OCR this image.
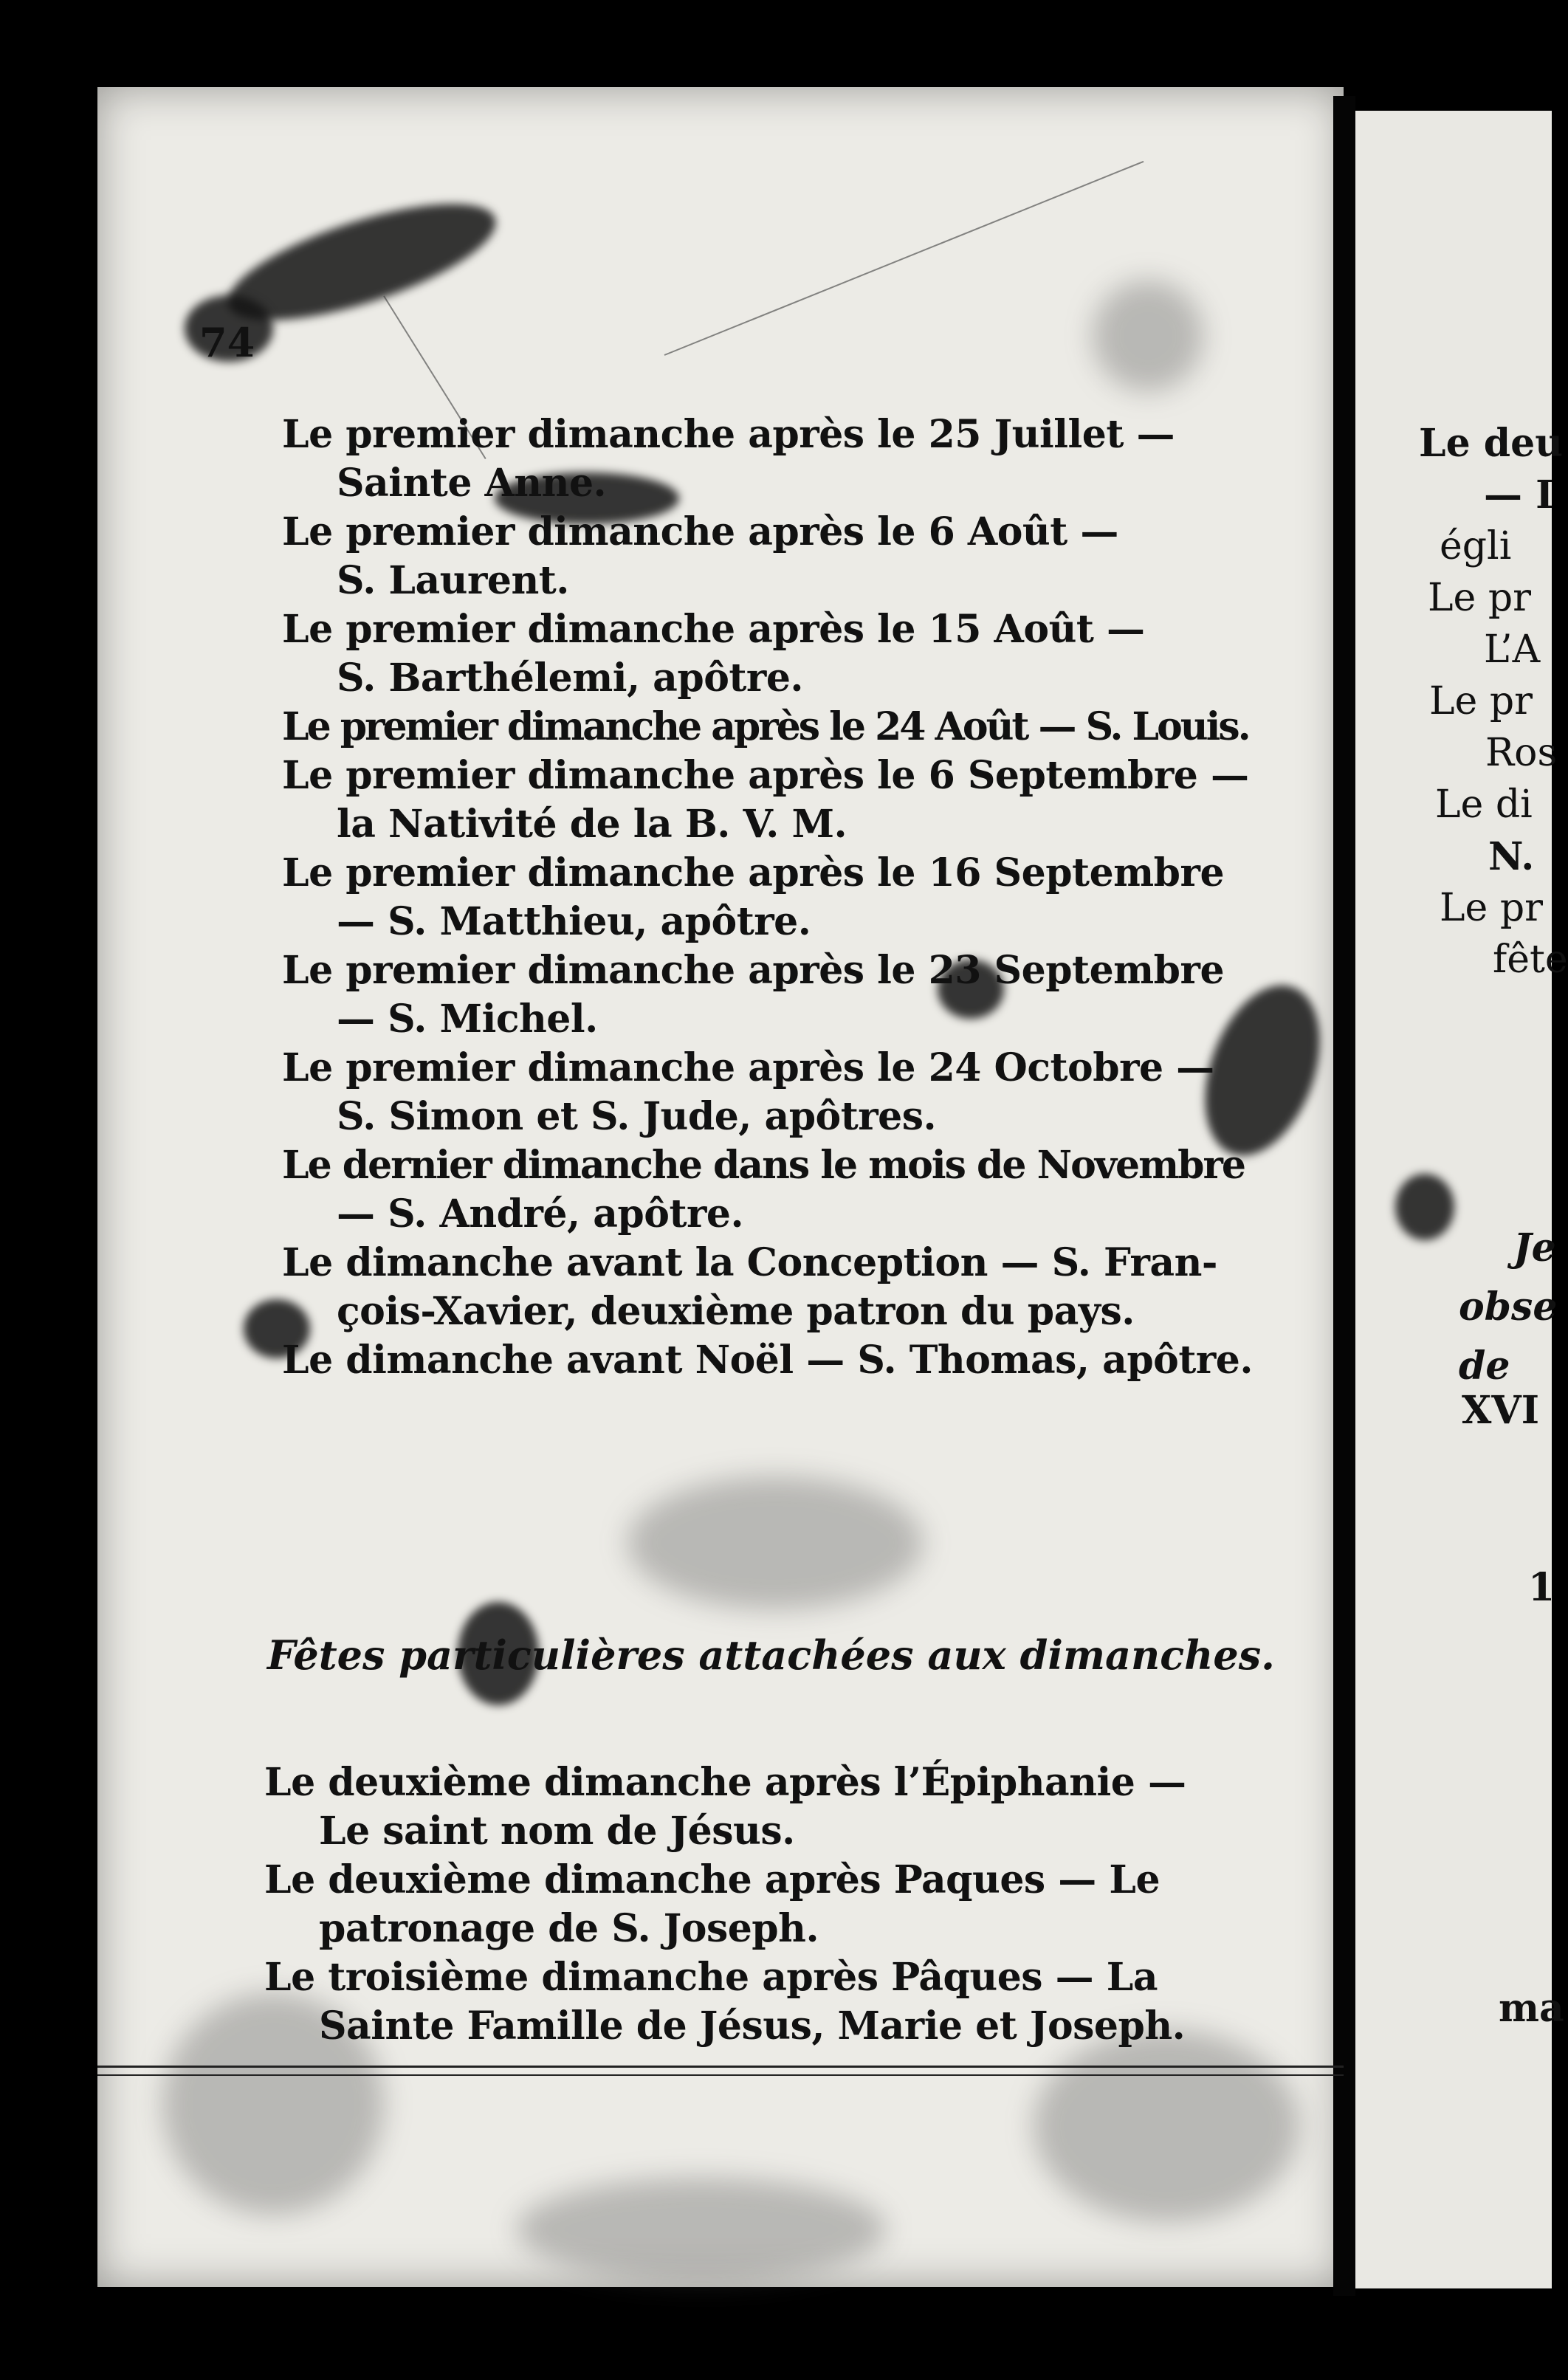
74
Le premier dimanche après le 25 Juillet —
Sainte Anne.
Le premier dimanche après le 6 Août —
S. Laurent.
Le premier dimanche après le 15 Août —
S. Barthélemi, apôtre.
Le premier dimanche après le 24 Août — S. Louis.
Le premier dimanche après le 6 Septembre —
la Nativité de la B. V. M.
Le premier dimanche après le 16 Septembre
— S. Matthieu, apôtre.
Le premier dimanche après le 23 Septembre
— S. Michel.
Le premier dimanche après le 24 Octobre —
S. Simon et S. Jude, apôtres.
Le dernier dimanche dans le mois de Novembre
— S. André, apôtre.
Le dimanche avant la Conception — S. Fran-
çois-Xavier, deuxième patron du pays.
Le dimanche avant Noël — S. Thomas, apôtre.
Fêtes particulières attachées aux dimanches.
Le deuxième dimanche après l’Épiphanie —
Le saint nom de Jésus.
Le deuxième dimanche après Paques — Le
patronage de S. Joseph.
Le troisième dimanche après Pâques — La
Sainte Famille de Jésus, Marie et Joseph.
Le deu
— I
égli
Le pr
L’A
Le pr
Ros
Le di
N.
Le pr
fête
Je
obse
de
XVI
1
ma
